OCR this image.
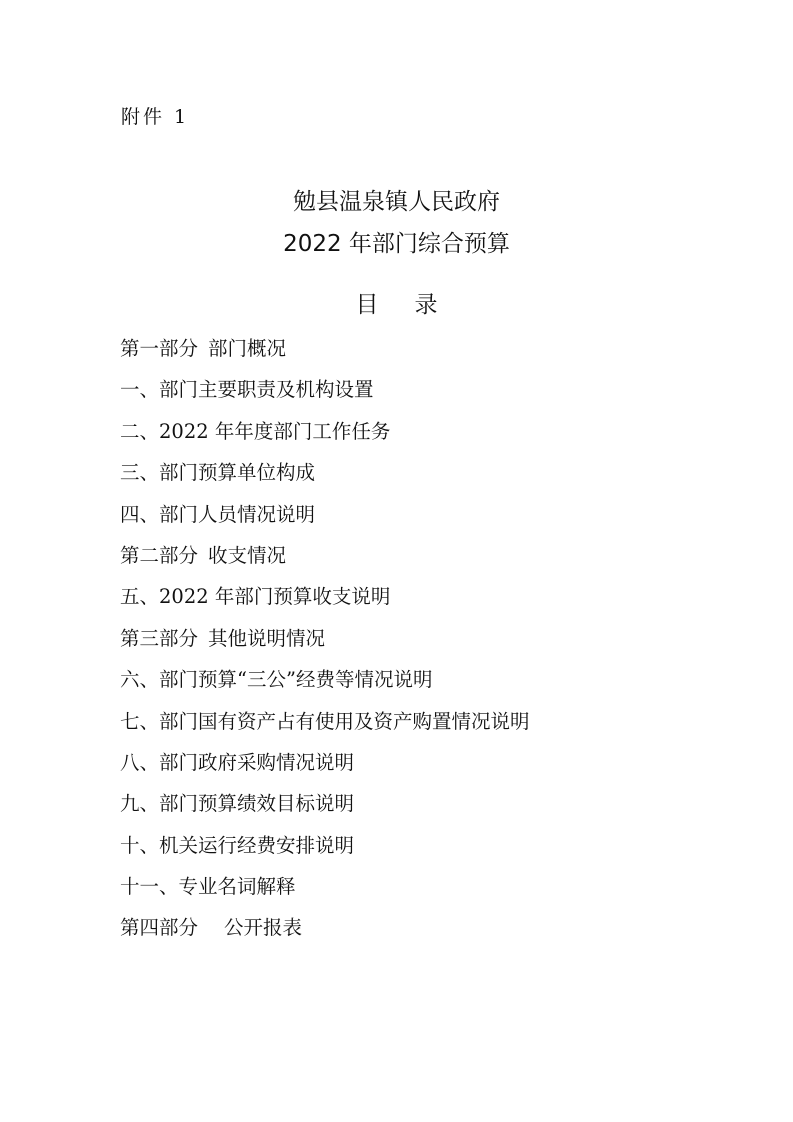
附件 1
勉县温泉镇人民政府
2022 年部门综合预算
目 录
第一部分 部门概况
一、部门主要职责及机构设置
二、2022 年年度部门工作任务
三、部门预算单位构成
四、部门人员情况说明
第二部分 收支情况
五、2022 年部门预算收支说明
第三部分 其他说明情况
六、部门预算“三公”经费等情况说明
七、部门国有资产占有使用及资产购置情况说明
八、部门政府采购情况说明
九、部门预算绩效目标说明
十、机关运行经费安排说明
十一、专业名词解释
第四部分 公开报表
